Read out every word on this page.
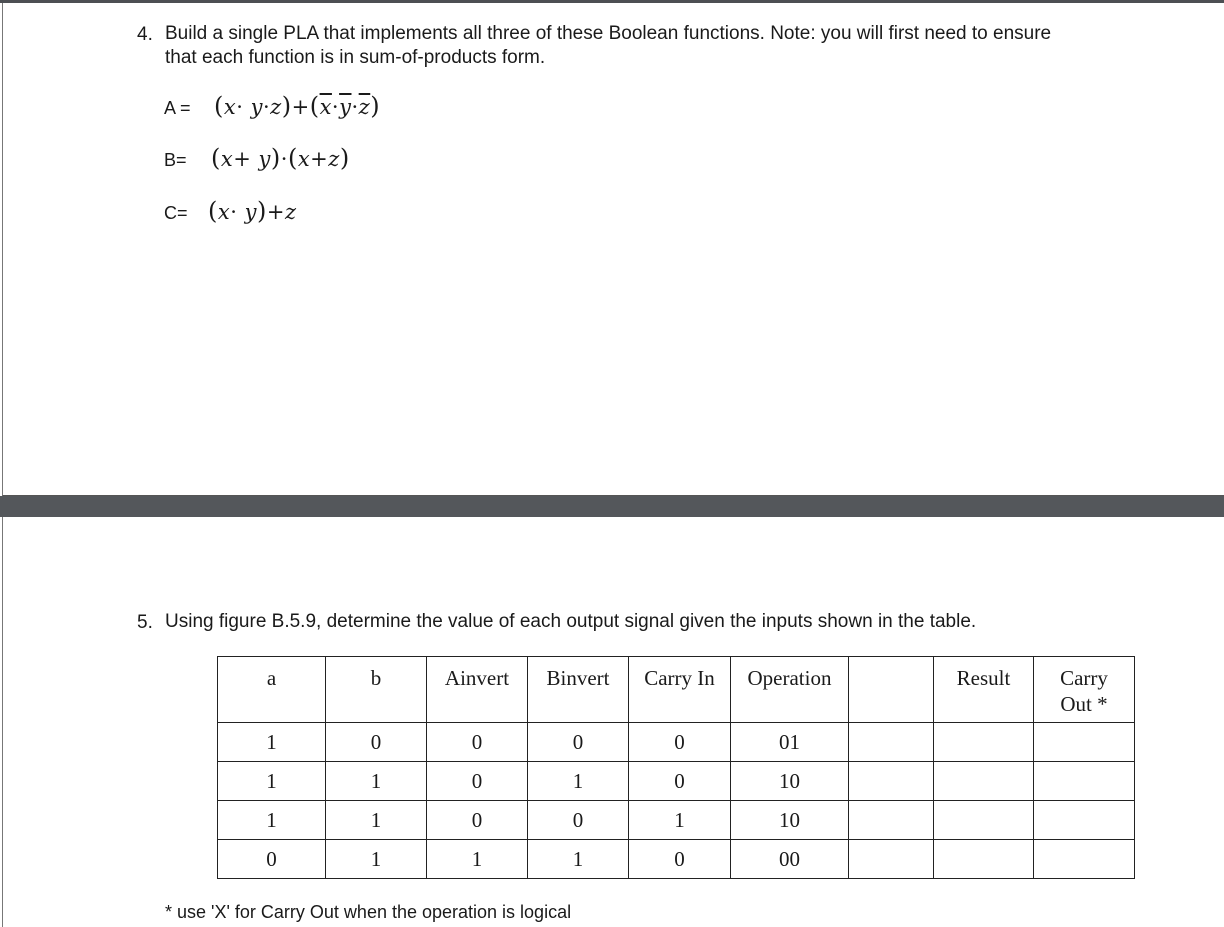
4. Build a single PLA that implements all three of these Boolean functions. Note: you will first need to ensure
that each function is in sum-of-products form.
$A = (x\cdot y\cdot z)+(\overline{x}\cdot\overline{y}\cdot\overline{z})$
B= (x+ y)·(x+z)
C= (x· y)+z
5. Using figure B.5.9, determine the value of each output signal given the inputs shown in the table.
a	b	Ainvert	Binvert	Carry In	Operation		Result	Carry
Out *
1	0	0	0	0	01			
1	1	0	1	0	10			
1	1	0	0	1	10			
0	1	1	1	0	00			
* use 'X' for Carry Out when the operation is logical
